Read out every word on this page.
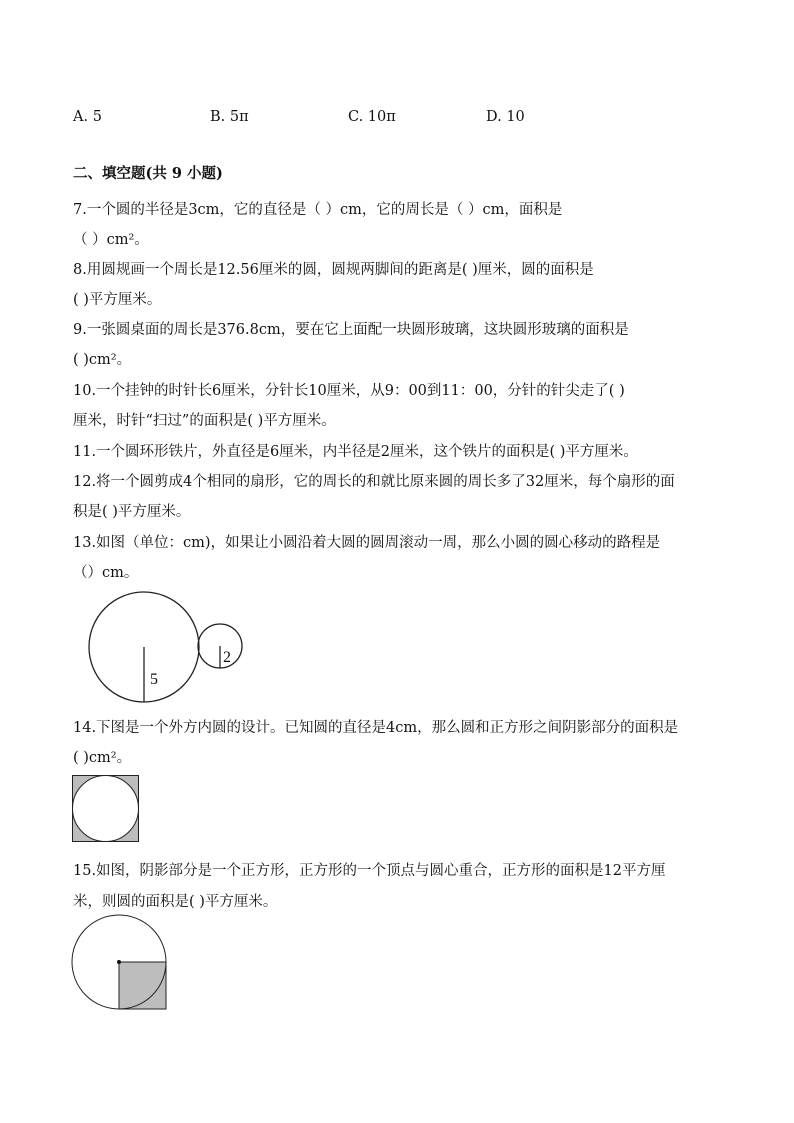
A. 5	B. 5π	C. 10π	D. 10
二、填空题(共 9 小题)
7.一个圆的半径是3cm，它的直径是（ ）cm，它的周长是（ ）cm，面积是
（ ）cm²。
8.用圆规画一个周长是12.56厘米的圆，圆规两脚间的距离是( )厘米，圆的面积是
( )平方厘米。
9.一张圆桌面的周长是376.8cm，要在它上面配一块圆形玻璃，这块圆形玻璃的面积是
( )cm²。
10.一个挂钟的时针长6厘米，分针长10厘米，从9：00到11：00，分针的针尖走了( )
厘米，时针“扫过”的面积是( )平方厘米。
11.一个圆环形铁片，外直径是6厘米，内半径是2厘米，这个铁片的面积是( )平方厘米。
12.将一个圆剪成4个相同的扇形，它的周长的和就比原来圆的周长多了32厘米，每个扇形的面
积是( )平方厘米。
13.如图（单位：cm)，如果让小圆沿着大圆的圆周滚动一周，那么小圆的圆心移动的路程是
（）cm。
5
2
14.下图是一个外方内圆的设计。已知圆的直径是4cm，那么圆和正方形之间阴影部分的面积是
( )cm²。
15.如图，阴影部分是一个正方形，正方形的一个顶点与圆心重合，正方形的面积是12平方厘
米，则圆的面积是( )平方厘米。
